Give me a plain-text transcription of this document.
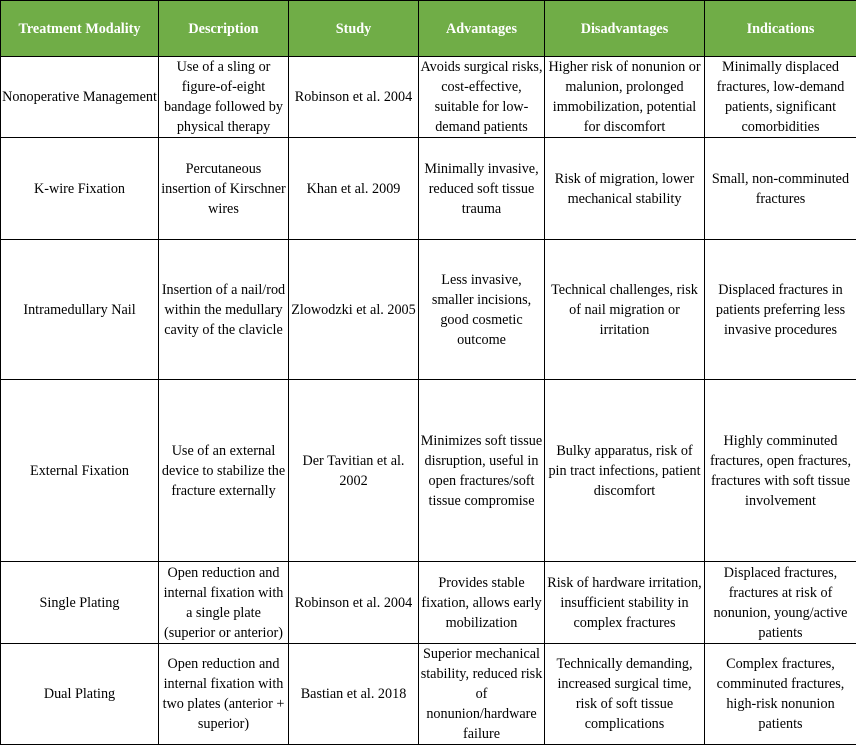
Treatment Modality	Description	Study	Advantages	Disadvantages	Indications
Nonoperative Management	Use of a sling or figure-of-eight bandage followed by physical therapy	Robinson et al. 2004	Avoids surgical risks, cost-effective, suitable for low-demand patients	Higher risk of nonunion or malunion, prolonged immobilization, potential for discomfort	Minimally displaced fractures, low-demand patients, significant comorbidities
K-wire Fixation	Percutaneous insertion of Kirschner wires	Khan et al. 2009	Minimally invasive, reduced soft tissue trauma	Risk of migration, lower mechanical stability	Small, non-comminuted fractures
Intramedullary Nail	Insertion of a nail/rod within the medullary cavity of the clavicle	Zlowodzki et al. 2005	Less invasive, smaller incisions, good cosmetic outcome	Technical challenges, risk of nail migration or irritation	Displaced fractures in patients preferring less invasive procedures
External Fixation	Use of an external device to stabilize the fracture externally	Der Tavitian et al. 2002	Minimizes soft tissue disruption, useful in open fractures/soft tissue compromise	Bulky apparatus, risk of pin tract infections, patient discomfort	Highly comminuted fractures, open fractures, fractures with soft tissue involvement
Single Plating	Open reduction and internal fixation with a single plate (superior or anterior)	Robinson et al. 2004	Provides stable fixation, allows early mobilization	Risk of hardware irritation, insufficient stability in complex fractures	Displaced fractures, fractures at risk of nonunion, young/active patients
Dual Plating	Open reduction and internal fixation with two plates (anterior + superior)	Bastian et al. 2018	Superior mechanical stability, reduced risk of nonunion/hardware failure	Technically demanding, increased surgical time, risk of soft tissue complications	Complex fractures, comminuted fractures, high-risk nonunion patients
